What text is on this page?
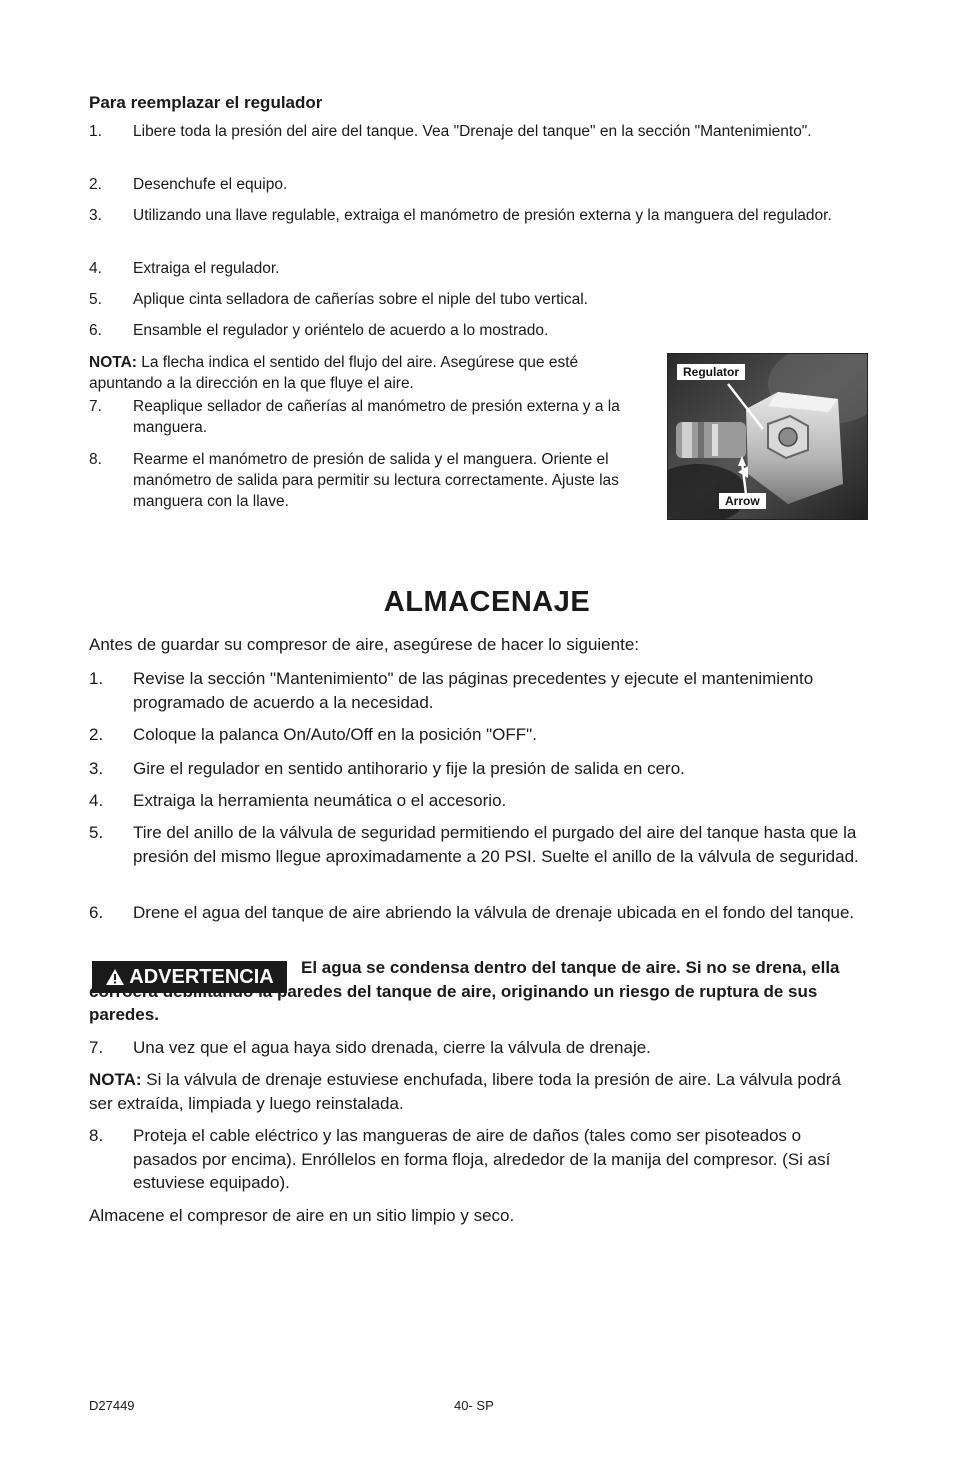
Para reemplazar el regulador
1. Libere toda la presión del aire del tanque. Vea "Drenaje del tanque" en la sección "Mantenimiento".
2. Desenchufe el equipo.
3. Utilizando una llave regulable, extraiga el manómetro de presión externa y la manguera del regulador.
4. Extraiga el regulador.
5. Aplique cinta selladora de cañerías sobre el niple del tubo vertical.
6. Ensamble el regulador y oriéntelo de acuerdo a lo mostrado.
NOTA: La flecha indica el sentido del flujo del aire. Asegúrese que esté apuntando a la dirección en la que fluye el aire.
7. Reaplique sellador de cañerías al manómetro de presión externa y a la manguera.
8. Rearme el manómetro de presión de salida y el manguera. Oriente el manómetro de salida para permitir su lectura correctamente. Ajuste las manguera con la llave.
Regulator
Arrow
ALMACENAJE
Antes de guardar su compresor de aire, asegúrese de hacer lo siguiente:
1. Revise la sección "Mantenimiento" de las páginas precedentes y ejecute el mantenimiento programado de acuerdo a la necesidad.
2. Coloque la palanca On/Auto/Off en la posición "OFF".
3. Gire el regulador en sentido antihorario y fije la presión de salida en cero.
4. Extraiga la herramienta neumática o el accesorio.
5. Tire del anillo de la válvula de seguridad permitiendo el purgado del aire del tanque hasta que la presión del mismo llegue aproximadamente a 20 PSI. Suelte el anillo de la válvula de seguridad.
6. Drene el agua del tanque de aire abriendo la válvula de drenaje ubicada en el fondo del tanque.
ADVERTENCIA	El agua se condensa dentro del tanque de aire. Si no se drena, ella corroerá debilitando la paredes del tanque de aire, originando un riesgo de ruptura de sus paredes.
7. Una vez que el agua haya sido drenada, cierre la válvula de drenaje.
NOTA: Si la válvula de drenaje estuviese enchufada, libere toda la presión de aire. La válvula podrá ser extraída, limpiada y luego reinstalada.
8. Proteja el cable eléctrico y las mangueras de aire de daños (tales como ser pisoteados o pasados por encima). Enróllelos en forma floja, alrededor de la manija del compresor. (Si así estuviese equipado).
Almacene el compresor de aire en un sitio limpio y seco.
D27449	40- SP
